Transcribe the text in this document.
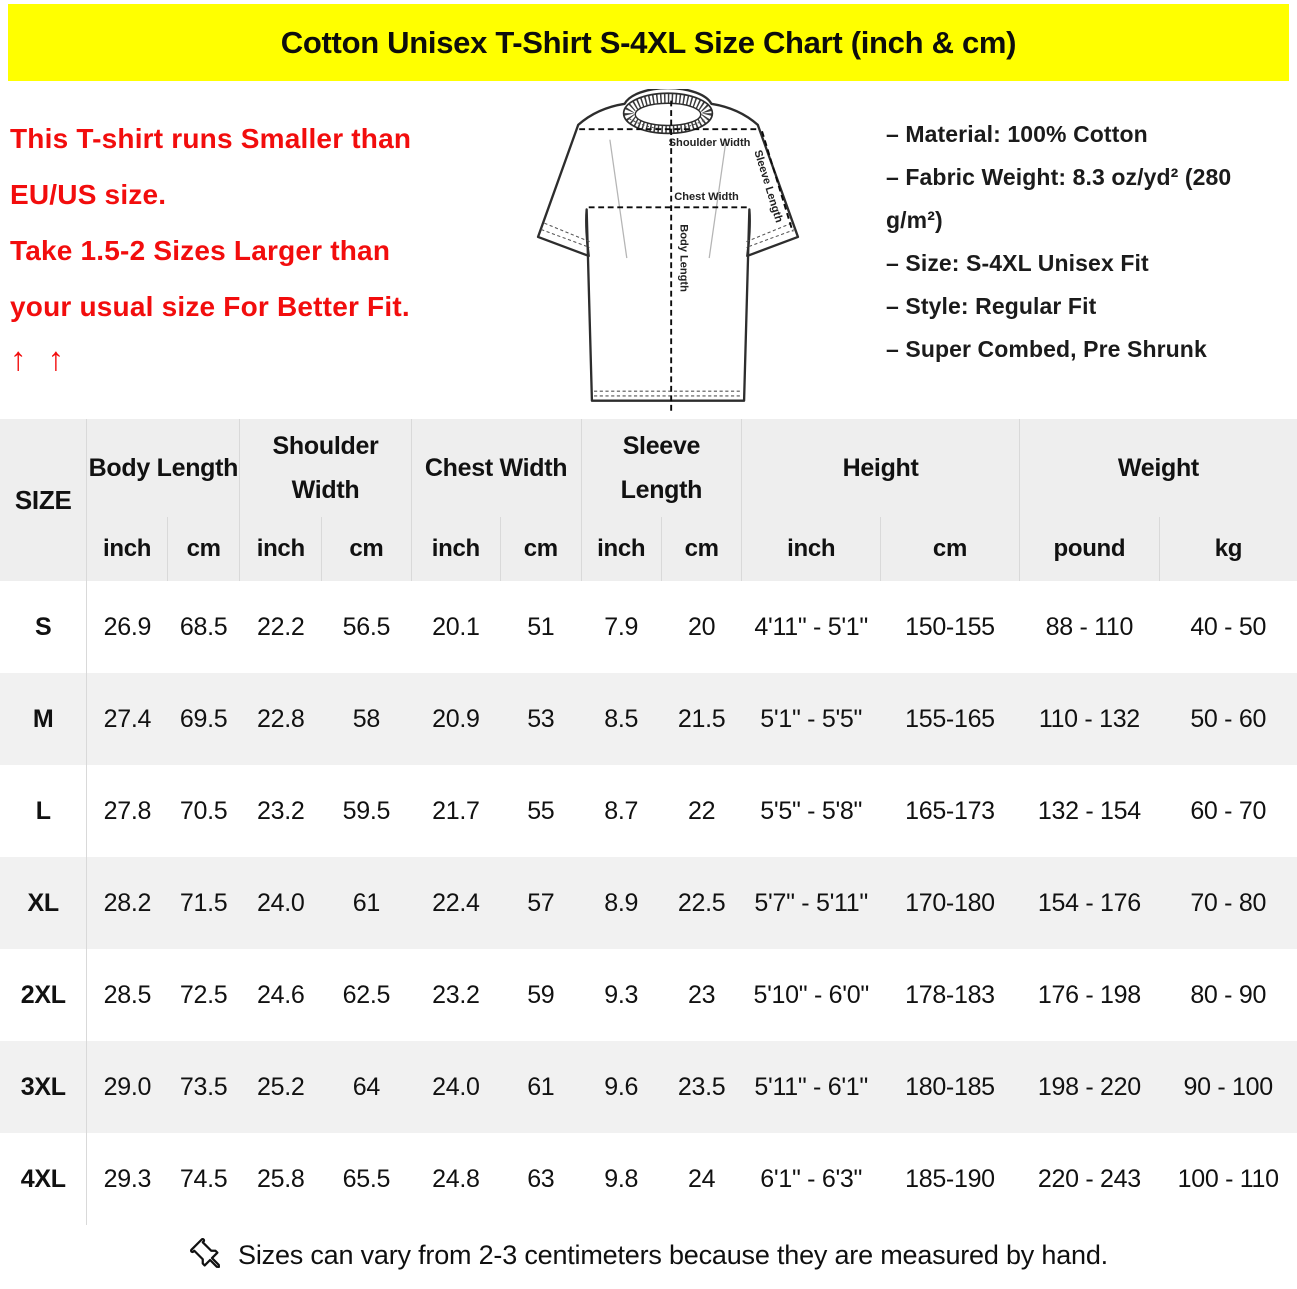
Cotton Unisex T-Shirt S-4XL Size Chart (inch & cm)
This T-shirt runs Smaller than
EU/US size.
Take 1.5-2 Sizes Larger than
your usual size For Better Fit.
↑ ↑
Shoulder Width
Chest Width
Body Length
Sleeve Length
– Material: 100% Cotton
– Fabric Weight: 8.3 oz/yd² (280 g/m²)
– Size: S-4XL Unisex Fit
– Style: Regular Fit
– Super Combed, Pre Shrunk
SIZE	Body Length		Shoulder Width		Chest Width		Sleeve Length		Height		Weight	
	inch	cm	inch	cm	inch	cm	inch	cm	inch	cm	pound	kg
S	26.9	68.5	22.2	56.5	20.1	51	7.9	20	4'11" - 5'1"	150-155	88 - 110	40 - 50
M	27.4	69.5	22.8	58	20.9	53	8.5	21.5	5'1" - 5'5"	155-165	110 - 132	50 - 60
L	27.8	70.5	23.2	59.5	21.7	55	8.7	22	5'5" - 5'8"	165-173	132 - 154	60 - 70
XL	28.2	71.5	24.0	61	22.4	57	8.9	22.5	5'7" - 5'11"	170-180	154 - 176	70 - 80
2XL	28.5	72.5	24.6	62.5	23.2	59	9.3	23	5'10" - 6'0"	178-183	176 - 198	80 - 90
3XL	29.0	73.5	25.2	64	24.0	61	9.6	23.5	5'11" - 6'1"	180-185	198 - 220	90 - 100
4XL	29.3	74.5	25.8	65.5	24.8	63	9.8	24	6'1" - 6'3"	185-190	220 - 243	100 - 110
Sizes can vary from 2-3 centimeters because they are measured by hand.
